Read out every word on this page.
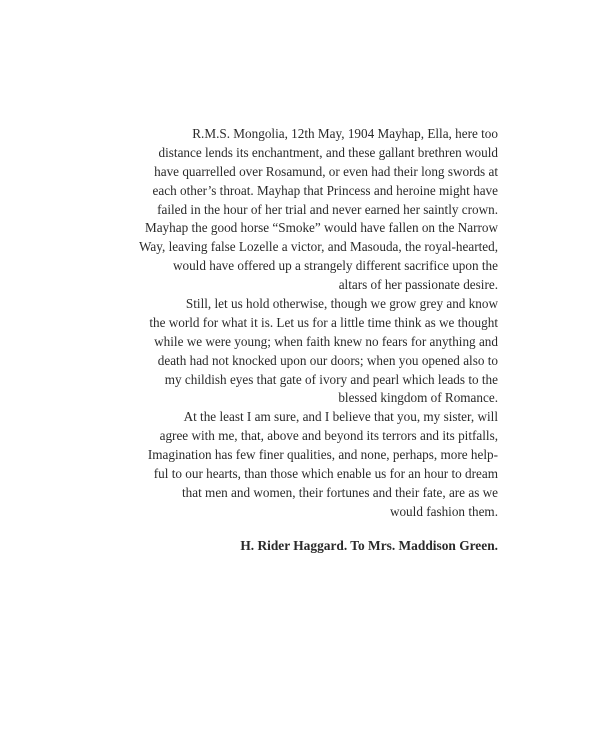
R.M.S. Mongolia, 12th May, 1904 Mayhap, Ella, here too
distance lends its enchantment, and these gallant brethren would
have quarrelled over Rosamund, or even had their long swords at
each other’s throat. Mayhap that Princess and heroine might have
failed in the hour of her trial and never earned her saintly crown.
Mayhap the good horse “Smoke” would have fallen on the Narrow
Way, leaving false Lozelle a victor, and Masouda, the royal-hearted,
would have offered up a strangely different sacrifice upon the
altars of her passionate desire.
Still, let us hold otherwise, though we grow grey and know
the world for what it is. Let us for a little time think as we thought
while we were young; when faith knew no fears for anything and
death had not knocked upon our doors; when you opened also to
my childish eyes that gate of ivory and pearl which leads to the
blessed kingdom of Romance.
At the least I am sure, and I believe that you, my sister, will
agree with me, that, above and beyond its terrors and its pitfalls,
Imagination has few finer qualities, and none, perhaps, more help-
ful to our hearts, than those which enable us for an hour to dream
that men and women, their fortunes and their fate, are as we
would fashion them.
H. Rider Haggard. To Mrs. Maddison Green.
